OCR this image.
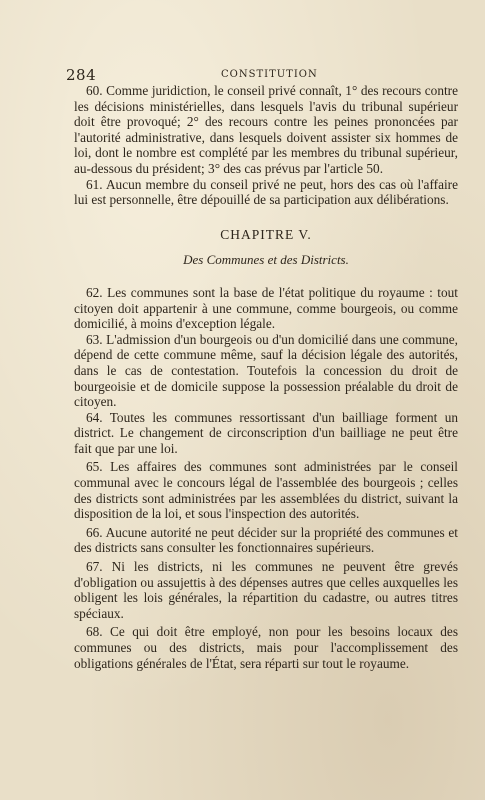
284	CONSTITUTION

60. Comme juridiction, le conseil privé connaît, 1° des recours contre les décisions ministérielles, dans lesquels l'avis du tribunal supérieur doit être provoqué; 2° des recours contre les peines prononcées par l'autorité administrative, dans lesquels doivent assister six hommes de loi, dont le nombre est complété par les membres du tribunal supérieur, au-dessous du président; 3° des cas prévus par l'article 50.

61. Aucun membre du conseil privé ne peut, hors des cas où l'affaire lui est personnelle, être dépouillé de sa participation aux délibérations.

CHAPITRE V.
Des Communes et des Districts.

62. Les communes sont la base de l'état politique du royaume : tout citoyen doit appartenir à une commune, comme bourgeois, ou comme domicilié, à moins d'exception légale.

63. L'admission d'un bourgeois ou d'un domicilié dans une commune, dépend de cette commune même, sauf la décision légale des autorités, dans le cas de contestation. Toutefois la concession du droit de bourgeoisie et de domicile suppose la possession préalable du droit de citoyen.

64. Toutes les communes ressortissant d'un bailliage forment un district. Le changement de circonscription d'un bailliage ne peut être fait que par une loi.

65. Les affaires des communes sont administrées par le conseil communal avec le concours légal de l'assemblée des bourgeois ; celles des districts sont administrées par les assemblées du district, suivant la disposition de la loi, et sous l'inspection des autorités.

66. Aucune autorité ne peut décider sur la propriété des communes et des districts sans consulter les fonctionnaires supérieurs.

67. Ni les districts, ni les communes ne peuvent être grevés d'obligation ou assujettis à des dépenses autres que celles auxquelles les obligent les lois générales, la répartition du cadastre, ou autres titres spéciaux.

68. Ce qui doit être employé, non pour les besoins locaux des communes ou des districts, mais pour l'accomplissement des obligations générales de l'État, sera réparti sur tout le royaume.
